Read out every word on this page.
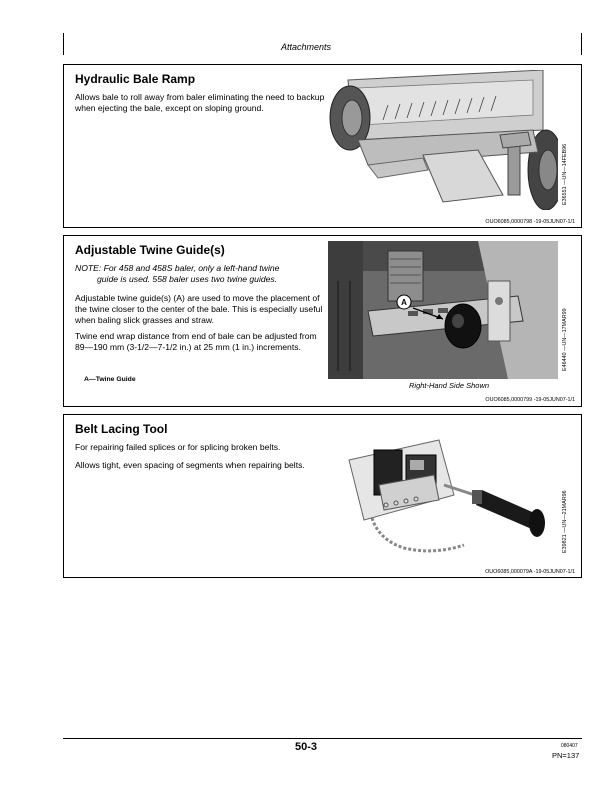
Attachments
Hydraulic Bale Ramp
Allows bale to roll away from baler eliminating the need to backup when ejecting the bale, except on sloping ground.
E36551 —UN—14FEB96
OUO6085,0000798 -19-05JUN07-1/1
Adjustable Twine Guide(s)
NOTE: For 458 and 458S baler, only a left-hand twine
guide is used. 558 baler uses two twine guides.
Adjustable twine guide(s) (A) are used to move the placement of the twine closer to the center of the bale. This is especially useful when baling slick grasses and straw.
Twine end wrap distance from end of bale can be adjusted from 89—190 mm (3-1/2—7-1/2 in.) at 25 mm (1 in.) increments.
A—Twine Guide
A
E46440 —UN—17MAR99
Right-Hand Side Shown
OUO6085,0000799 -19-05JUN07-1/1
Belt Lacing Tool
For repairing failed splices or for splicing broken belts.
Allows tight, even spacing of segments when repairing belts.
E39821 —UN—21MAR96
OUO6085,000079A -19-05JUN07-1/1
50-3	080407
PN=137
